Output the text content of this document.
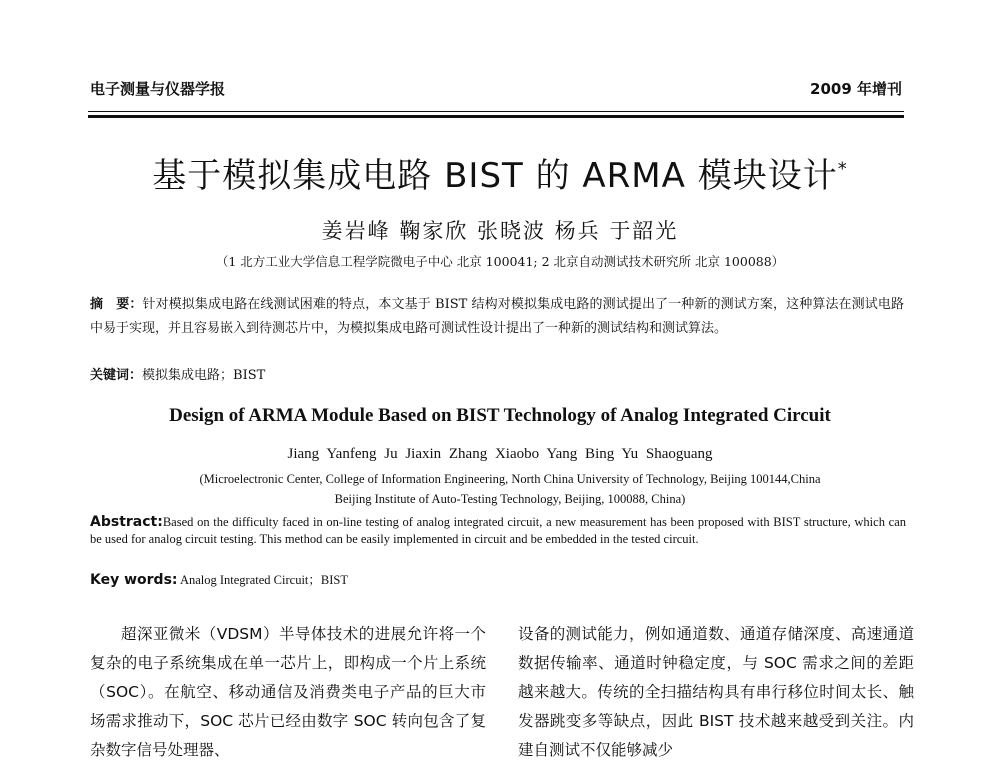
电子测量与仪器学报	2009 年增刊
基于模拟集成电路 BIST 的 ARMA 模块设计*
姜岩峰 鞠家欣 张晓波 杨兵 于韶光
（1 北方工业大学信息工程学院微电子中心 北京 100041; 2 北京自动测试技术研究所 北京 100088）
摘　要：针对模拟集成电路在线测试困难的特点，本文基于 BIST 结构对模拟集成电路的测试提出了一种新的测试方案，这种算法在测试电路中易于实现，并且容易嵌入到待测芯片中，为模拟集成电路可测试性设计提出了一种新的测试结构和测试算法。
关键词：模拟集成电路；BIST
Design of ARMA Module Based on BIST Technology of Analog Integrated Circuit
Jiang Yanfeng Ju Jiaxin Zhang Xiaobo Yang Bing Yu Shaoguang
(Microelectronic Center, College of Information Engineering, North China University of Technology, Beijing 100144,China
Beijing Institute of Auto-Testing Technology, Beijing, 100088, China)
Abstract:Based on the difficulty faced in on-line testing of analog integrated circuit, a new measurement has been proposed with BIST structure, which can be used for analog circuit testing. This method can be easily implemented in circuit and be embedded in the tested circuit.
Key words: Analog Integrated Circuit；BIST
超深亚微米（VDSM）半导体技术的进展允许将一个复杂的电子系统集成在单一芯片上，即构成一个片上系统（SOC）。在航空、移动通信及消费类电子产品的巨大市场需求推动下，SOC 芯片已经由数字 SOC 转向包含了复杂数字信号处理器、
设备的测试能力，例如通道数、通道存储深度、高速通道数据传输率、通道时钟稳定度，与 SOC 需求之间的差距越来越大。传统的全扫描结构具有串行移位时间太长、触发器跳变多等缺点，因此 BIST 技术越来越受到关注。内建自测试不仅能够减少
